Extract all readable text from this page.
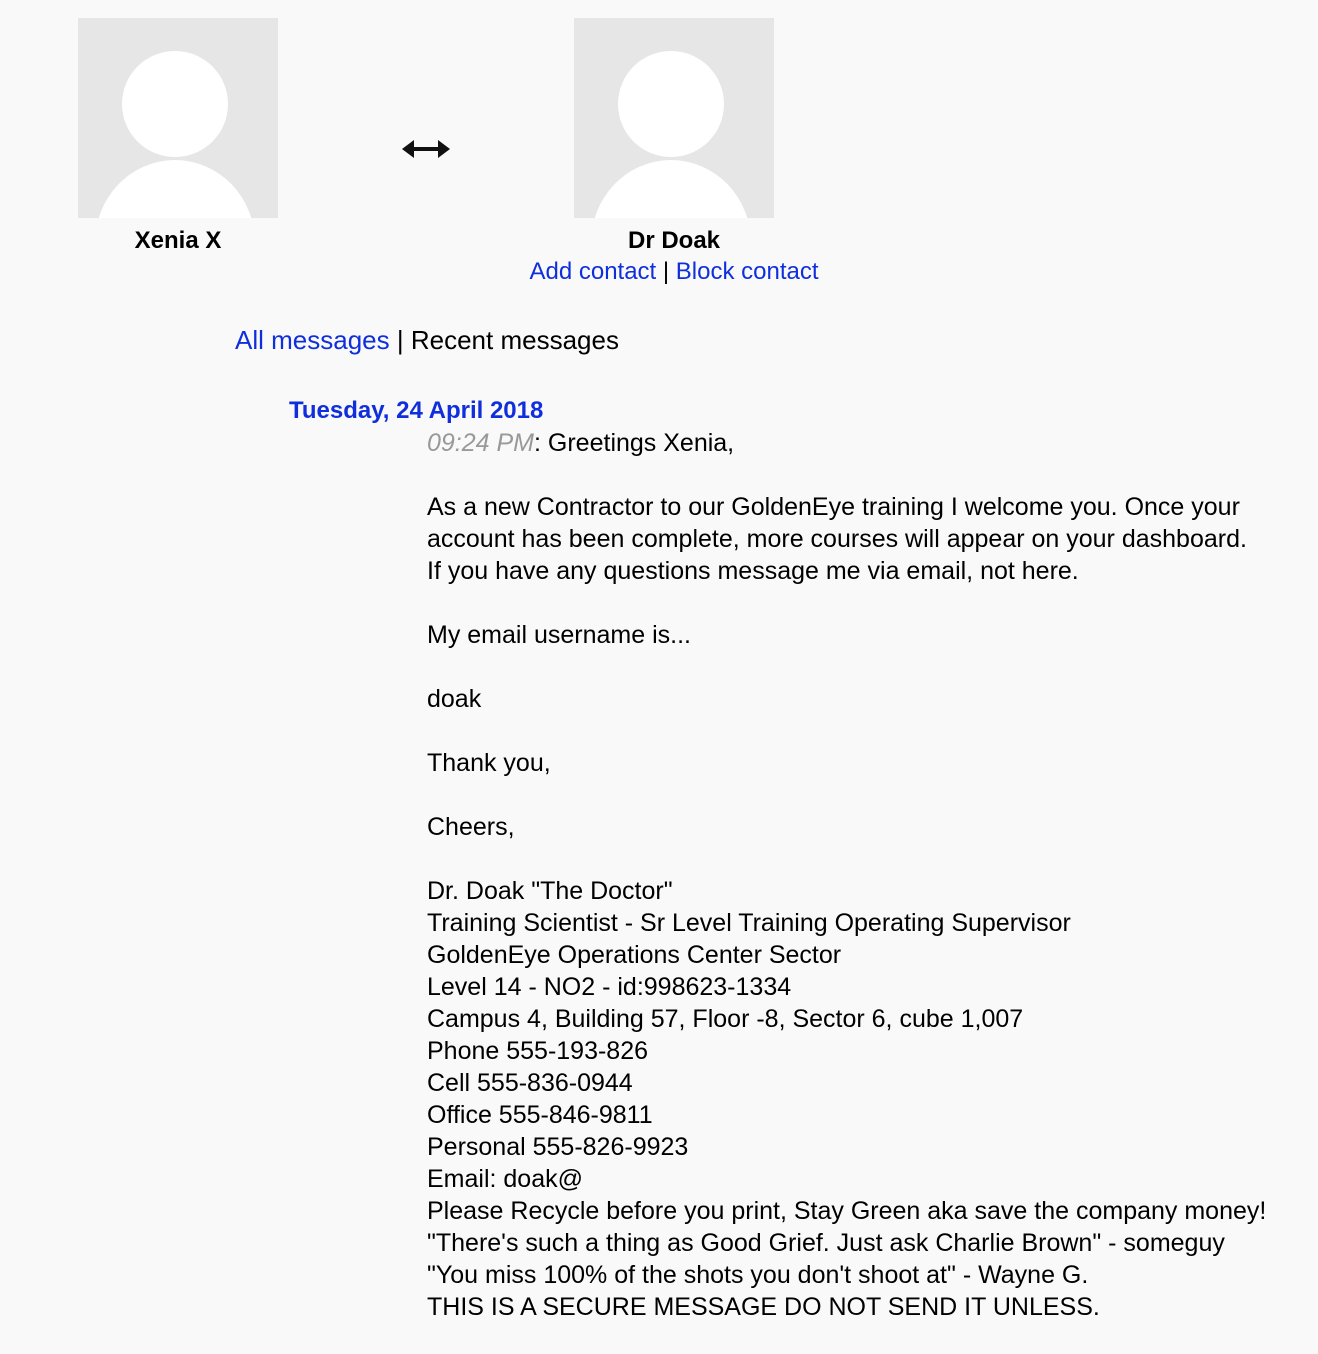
Xenia X	Dr Doak
Add contact | Block contact
All messages | Recent messages
Tuesday, 24 April 2018
09:24 PM: Greetings Xenia,

As a new Contractor to our GoldenEye training I welcome you. Once your
account has been complete, more courses will appear on your dashboard.
If you have any questions message me via email, not here.

My email username is...

doak

Thank you,

Cheers,

Dr. Doak "The Doctor"
Training Scientist - Sr Level Training Operating Supervisor
GoldenEye Operations Center Sector
Level 14 - NO2 - id:998623-1334
Campus 4, Building 57, Floor -8, Sector 6, cube 1,007
Phone 555-193-826
Cell 555-836-0944
Office 555-846-9811
Personal 555-826-9923
Email: doak@
Please Recycle before you print, Stay Green aka save the company money!
"There's such a thing as Good Grief. Just ask Charlie Brown" - someguy
"You miss 100% of the shots you don't shoot at" - Wayne G.
THIS IS A SECURE MESSAGE DO NOT SEND IT UNLESS.
